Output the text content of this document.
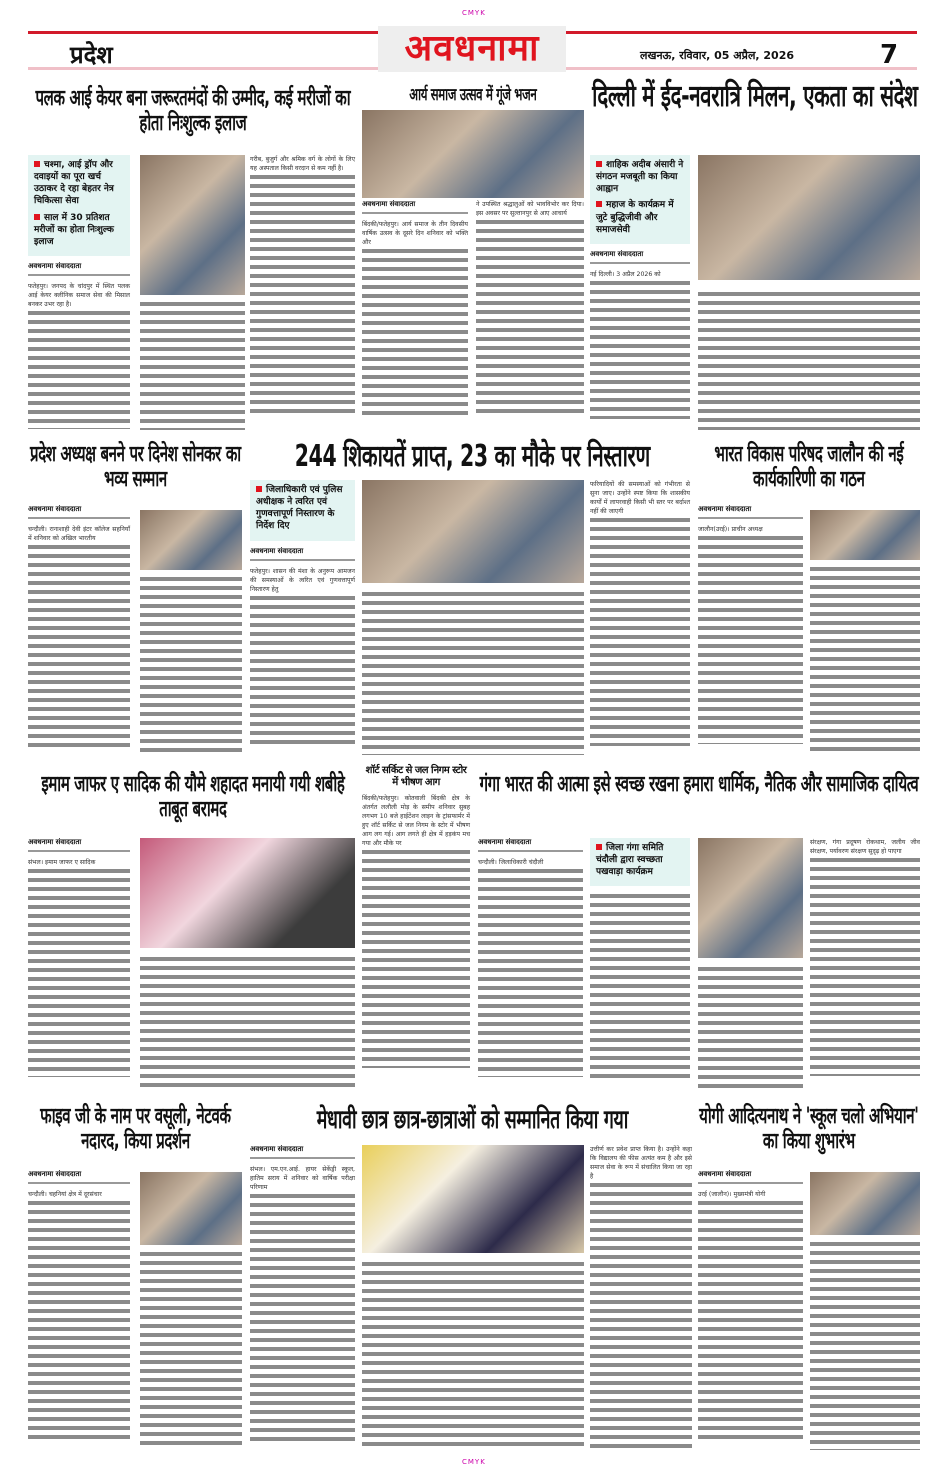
CMYK
प्रदेश	अवधनामा	लखनऊ, रविवार, 05 अप्रैल, 2026	7
पलक आई केयर बना जरूरतमंदों की उम्मीद, कई मरीजों का होता निःशुल्क इलाज
चश्मा, आई ड्रॉप और दवाइयों का पूरा खर्च उठाकर दे रहा बेहतर नेत्र चिकित्सा सेवा
साल में 30 प्रतिशत मरीजों का होता निःशुल्क इलाज
अवधनामा संवाददाता
फतेहपुर। जनपद के चांदपुर में स्थित पलक आई केयर क्लीनिक समाज सेवा की मिसाल बनकर उभर रहा है।
गरीब, बुजुर्ग और श्रमिक वर्ग के लोगों के लिए यह अस्पताल किसी वरदान से कम नहीं है।
आर्य समाज उत्सव में गूंजे भजन
अवधनामा संवाददाता
बिंदकी/फतेहपुर। आर्य समाज के तीन दिवसीय वार्षिक उत्सव के दूसरे दिन शनिवार को भक्ति और
ने उपस्थित श्रद्धालुओं को भावविभोर कर दिया। इस अवसर पर सुल्तानपुर से आए आचार्य
दिल्ली में ईद-नवरात्रि मिलन, एकता का संदेश
शाहिक अदीब अंसारी ने संगठन मजबूती का किया आह्वान
महाज के कार्यक्रम में जुटे बुद्धिजीवी और समाजसेवी
अवधनामा संवाददाता
नई दिल्ली। 3 अप्रैल 2026 को
प्रदेश अध्यक्ष बनने पर दिनेश सोनकर का भव्य सम्मान
अवधनामा संवाददाता
चन्दौली। रानाशाही देवी इंटर कॉलेज सहनियाँ में शनिवार को अखिल भारतीय
244 शिकायतें प्राप्त, 23 का मौके पर निस्तारण
जिलाधिकारी एवं पुलिस अधीक्षक ने त्वरित एवं गुणवत्तापूर्ण निस्तारण के निर्देश दिए
अवधनामा संवाददाता
फतेहपुर। शासन की मंशा के अनुरूप आमजन की समस्याओं के त्वरित एवं गुणवत्तापूर्ण निस्तारण हेतु
फरियादियों की समस्याओं को गंभीरता से सुना जाए। उन्होंने स्पष्ट किया कि शासकीय कार्यों में लापरवाही किसी भी स्तर पर बर्दाश्त नहीं की जाएगी
भारत विकास परिषद जालौन की नई कार्यकारिणी का गठन
अवधनामा संवाददाता
जालौन(उरई)। प्राचीन अध्यक्ष
इमाम जाफर ए सादिक की यौमे शहादत मनायी गयी शबीहे ताबूत बरामद
अवधनामा संवाददाता
संभल। इमाम जाफर ए सादिक
शॉर्ट सर्किट से जल निगम स्टोर में भीषण आग
बिंदकी/फतेहपुर। कोतवाली बिंदकी क्षेत्र के अंतर्गत ललौली मोड़ के समीप शनिवार सुबह लगभग 10 बजे हाईटेंशन लाइन के ट्रांसफार्मर में हुए शॉर्ट सर्किट से जल निगम के स्टोर में भीषण आग लग गई। आग लगते ही क्षेत्र में हड़कंप मच गया और मौके पर
गंगा भारत की आत्मा इसे स्वच्छ रखना हमारा धार्मिक, नैतिक और सामाजिक दायित्व
अवधनामा संवाददाता
चन्दौली। जिलाधिकारी चंदौली
जिला गंगा समिति चंदौली द्वारा स्वच्छता पखवाड़ा कार्यक्रम
संरक्षण, गंगा प्रदूषण रोकथाम, जलीय जीव संरक्षण, पर्यावरण संरक्षण सुदृढ़ हो पाएगा
फाइव जी के नाम पर वसूली, नेटवर्क नदारद, किया प्रदर्शन
अवधनामा संवाददाता
चन्दौली। चहनियां क्षेत्र में दूरसंचार
मेधावी छात्र छात्र-छात्राओं को सम्मानित किया गया
अवधनामा संवाददाता
संभल। एम.एन.आई. हायर सेकेंड्री स्कूल, हातिम सराय में शनिवार को वार्षिक परीक्षा परिणाम
उत्तीर्ण कर प्रवेश प्राप्त किया है। उन्होंने कहा कि विद्यालय की फीस अत्यंत कम है और इसे समाज सेवा के रूप में संचालित किया जा रहा है
योगी आदित्यनाथ ने 'स्कूल चलो अभियान' का किया शुभारंभ
अवधनामा संवाददाता
उरई (जालौन)। मुख्यमंत्री योगी
CMYK
